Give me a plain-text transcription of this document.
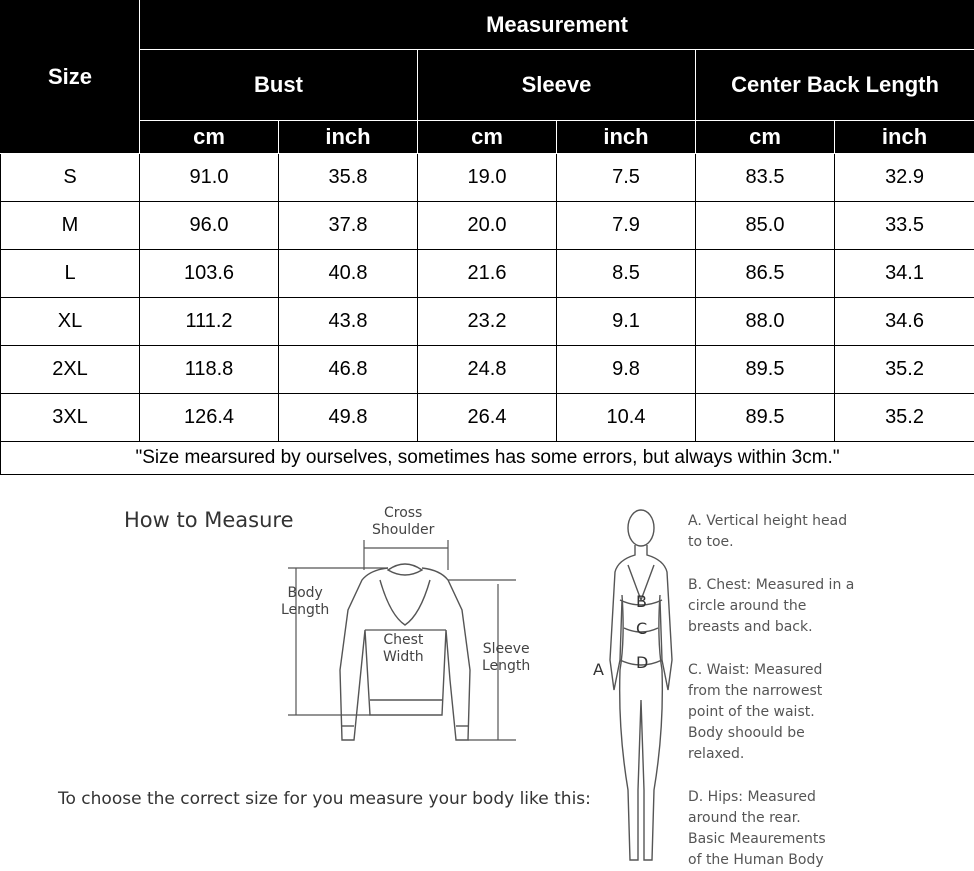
Size	Measurement					
	Bust		Sleeve		Center Back Length	
	cm	inch	cm	inch	cm	inch
S	91.0	35.8	19.0	7.5	83.5	32.9
M	96.0	37.8	20.0	7.9	85.0	33.5
L	103.6	40.8	21.6	8.5	86.5	34.1
XL	111.2	43.8	23.2	9.1	88.0	34.6
2XL	118.8	46.8	24.8	9.8	89.5	35.2
3XL	126.4	49.8	26.4	10.4	89.5	35.2
"Size mearsured by ourselves, sometimes has some errors, but always within 3cm."						
How to Measure
To choose the correct size for you measure your body like this:
Cross
Shoulder
Body
Length
Chest
Width	Sleeve
Length	A
B
C
D
A. Vertical height head
to toe.
B. Chest: Measured in a
circle around the
breasts and back.
C. Waist: Measured
from the narrowest
point of the waist.
Body shoould be
relaxed.
D. Hips: Measured
around the rear.
Basic Meaurements
of the Human Body
